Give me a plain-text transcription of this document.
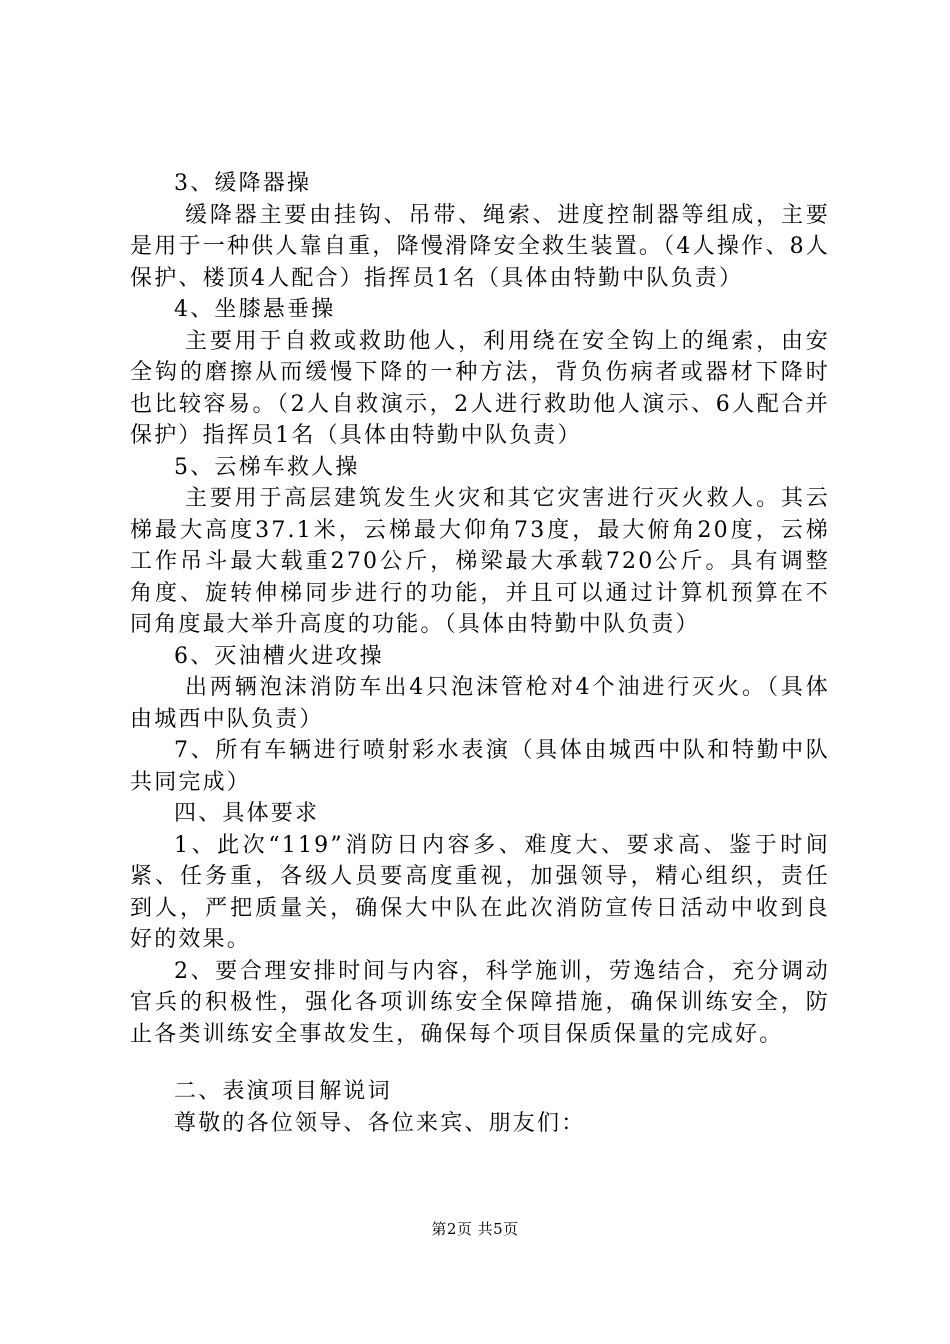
3、缓降器操

缓降器主要由挂钩、吊带、绳索、进度控制器等组成，主要是用于一种供人靠自重，降慢滑降安全救生装置。（4人操作、8人保护、楼顶4人配合）指挥员1名（具体由特勤中队负责）

4、坐膝悬垂操

主要用于自救或救助他人，利用绕在安全钩上的绳索，由安全钩的磨擦从而缓慢下降的一种方法，背负伤病者或器材下降时也比较容易。（2人自救演示，2人进行救助他人演示、6人配合并保护）指挥员1名（具体由特勤中队负责）

5、云梯车救人操

主要用于高层建筑发生火灾和其它灾害进行灭火救人。其云梯最大高度37.1米，云梯最大仰角73度，最大俯角20度，云梯工作吊斗最大载重270公斤，梯梁最大承载720公斤。具有调整角度、旋转伸梯同步进行的功能，并且可以通过计算机预算在不同角度最大举升高度的功能。（具体由特勤中队负责）

6、灭油槽火进攻操

出两辆泡沫消防车出4只泡沫管枪对4个油进行灭火。（具体由城西中队负责）

7、所有车辆进行喷射彩水表演（具体由城西中队和特勤中队共同完成）

四、具体要求

1、此次“119”消防日内容多、难度大、要求高、鉴于时间紧、任务重，各级人员要高度重视，加强领导，精心组织，责任到人，严把质量关，确保大中队在此次消防宣传日活动中收到良好的效果。

2、要合理安排时间与内容，科学施训，劳逸结合，充分调动官兵的积极性，强化各项训练安全保障措施，确保训练安全，防止各类训练安全事故发生，确保每个项目保质保量的完成好。

二、表演项目解说词

尊敬的各位领导、各位来宾、朋友们：

第2页 共5页
